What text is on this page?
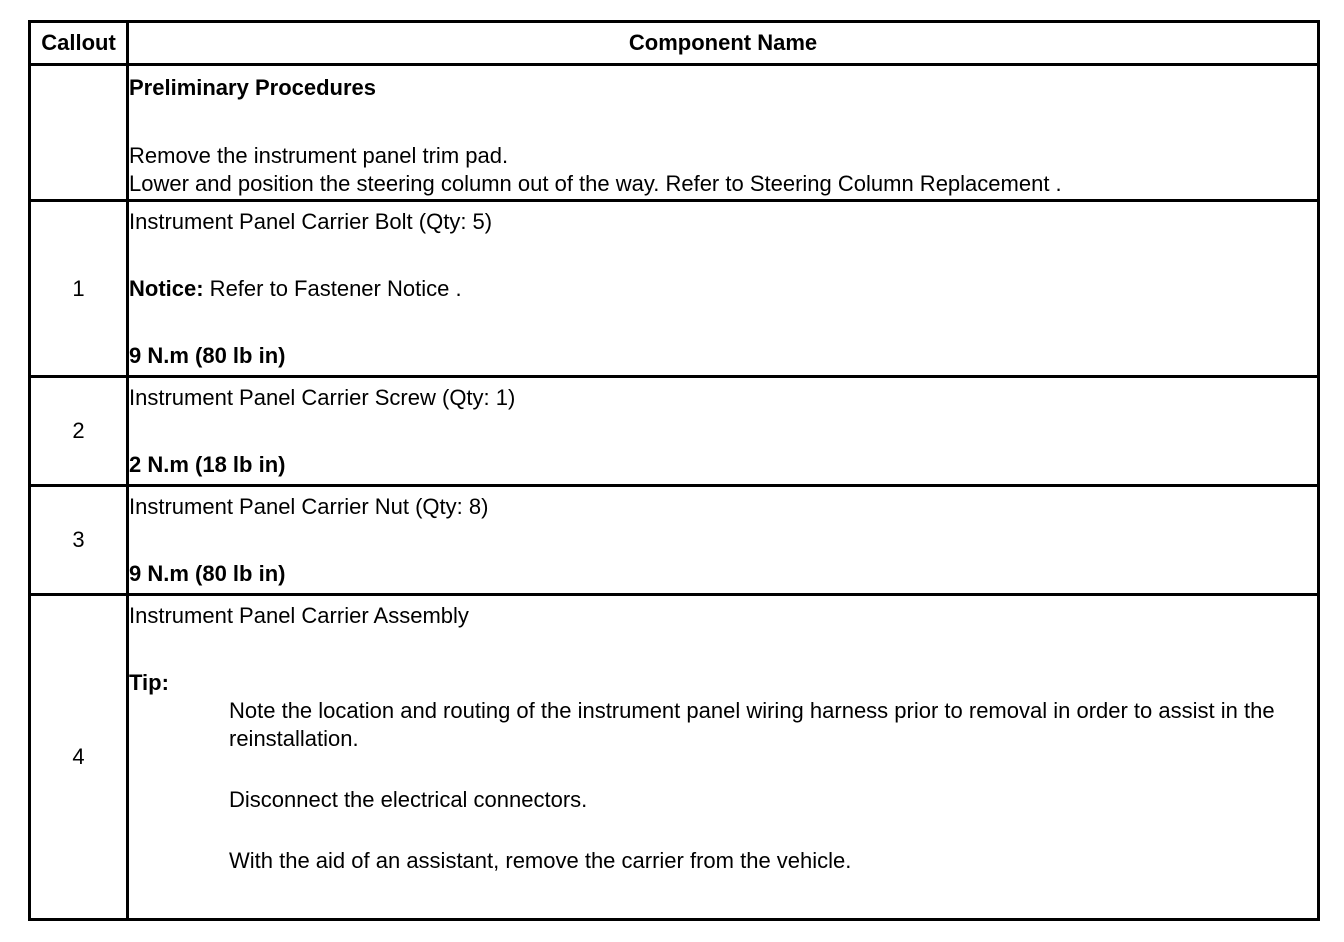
Callout	Component Name

	Preliminary Procedures
Remove the instrument panel trim pad.
Lower and position the steering column out of the way. Refer to Steering Column Replacement .

1	Instrument Panel Carrier Bolt (Qty: 5)
Notice: Refer to Fastener Notice .
9 N.m (80 lb in)

2	Instrument Panel Carrier Screw (Qty: 1)
2 N.m (18 lb in)

3	Instrument Panel Carrier Nut (Qty: 8)
9 N.m (80 lb in)

4	Instrument Panel Carrier Assembly
Tip:
Note the location and routing of the instrument panel wiring harness prior to removal in order to assist in the reinstallation.
Disconnect the electrical connectors.
With the aid of an assistant, remove the carrier from the vehicle.
